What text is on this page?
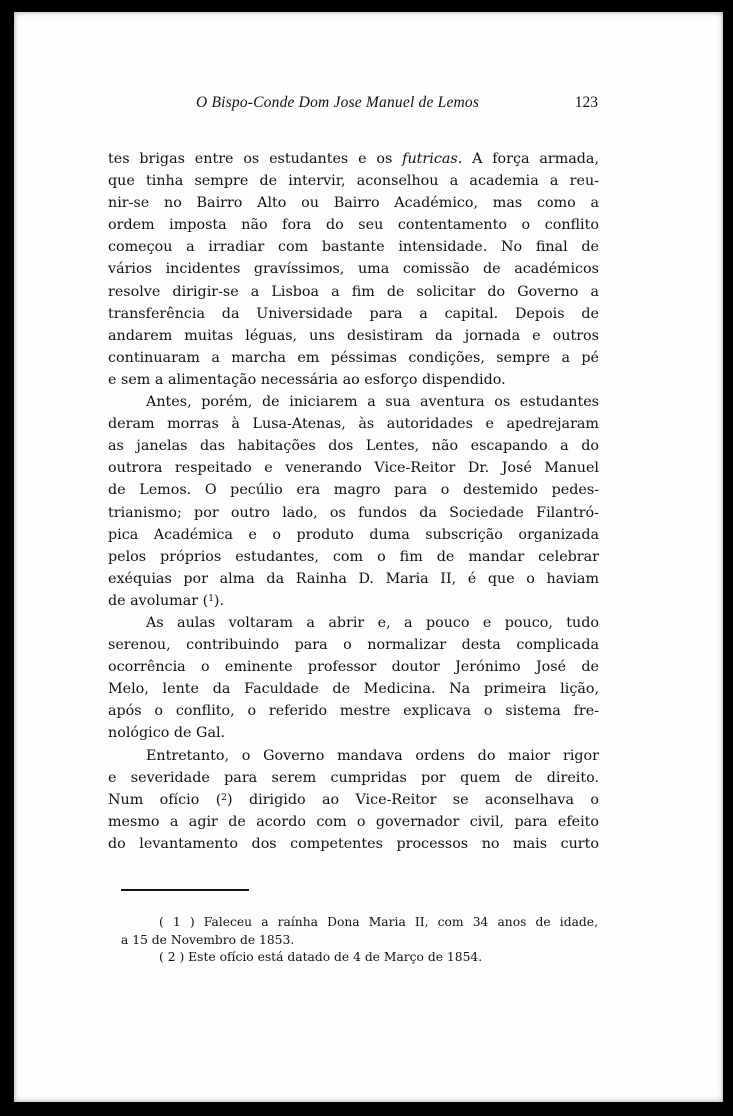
O Bispo-Conde Dom Jose Manuel de Lemos	123
tes brigas entre os estudantes e os futricas. A força armada,
que tinha sempre de intervir, aconselhou a academia a reu-
nir-se no Bairro Alto ou Bairro Académico, mas como a
ordem imposta não fora do seu contentamento o conflito
começou a irradiar com bastante intensidade. No final de
vários incidentes gravíssimos, uma comissão de académicos
resolve dirigir-se a Lisboa a fim de solicitar do Governo a
transferência da Universidade para a capital. Depois de
andarem muitas léguas, uns desistiram da jornada e outros
continuaram a marcha em péssimas condições, sempre a pé
e sem a alimentação necessária ao esforço dispendido.
Antes, porém, de iniciarem a sua aventura os estudantes
deram morras à Lusa-Atenas, às autoridades e apedrejaram
as janelas das habitações dos Lentes, não escapando a do
outrora respeitado e venerando Vice-Reitor Dr. José Manuel
de Lemos. O pecúlio era magro para o destemido pedes-
trianismo; por outro lado, os fundos da Sociedade Filantró-
pica Académica e o produto duma subscrição organizada
pelos próprios estudantes, com o fim de mandar celebrar
exéquias por alma da Rainha D. Maria II, é que o haviam
de avolumar ($^1$).
As aulas voltaram a abrir e, a pouco e pouco, tudo
serenou, contribuindo para o normalizar desta complicada
ocorrência o eminente professor doutor Jerónimo José de
Melo, lente da Faculdade de Medicina. Na primeira lição,
após o conflito, o referido mestre explicava o sistema fre-
nológico de Gal.
Entretanto, o Governo mandava ordens do maior rigor
e severidade para serem cumpridas por quem de direito.
Num ofício ($^2$) dirigido ao Vice-Reitor se aconselhava o
mesmo a agir de acordo com o governador civil, para efeito
do levantamento dos competentes processos no mais curto
( 1 ) Faleceu a raínha Dona Maria II, com 34 anos de idade,
a 15 de Novembro de 1853.
( 2 ) Este ofício está datado de 4 de Março de 1854.
